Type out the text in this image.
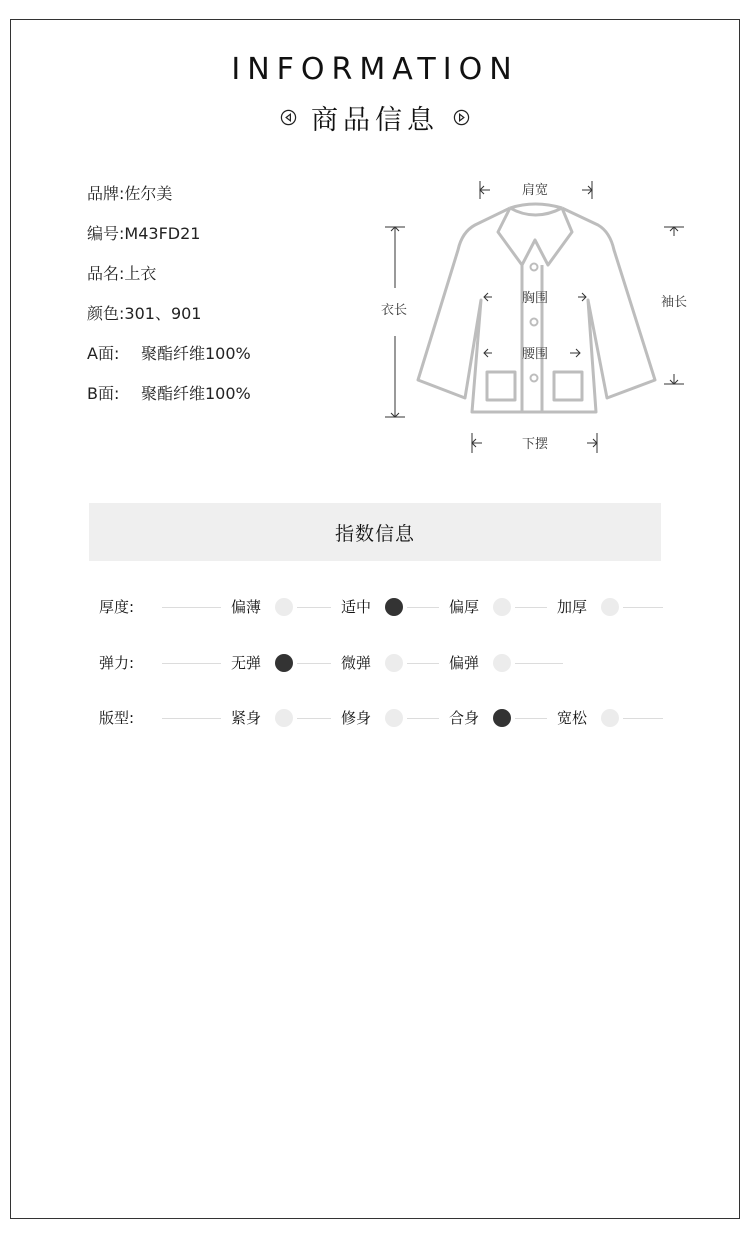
INFORMATION
商品信息
品牌:佐尔美
编号:M43FD21
品名:上衣
颜色:301、901
A面: 聚酯纤维100%
B面: 聚酯纤维100%
肩宽
衣长
胸围
腰围
袖长
下摆
指数信息
厚度:	偏薄	适中	偏厚	加厚
弹力:	无弹	微弹	偏弹
版型:	紧身	修身	合身	宽松
